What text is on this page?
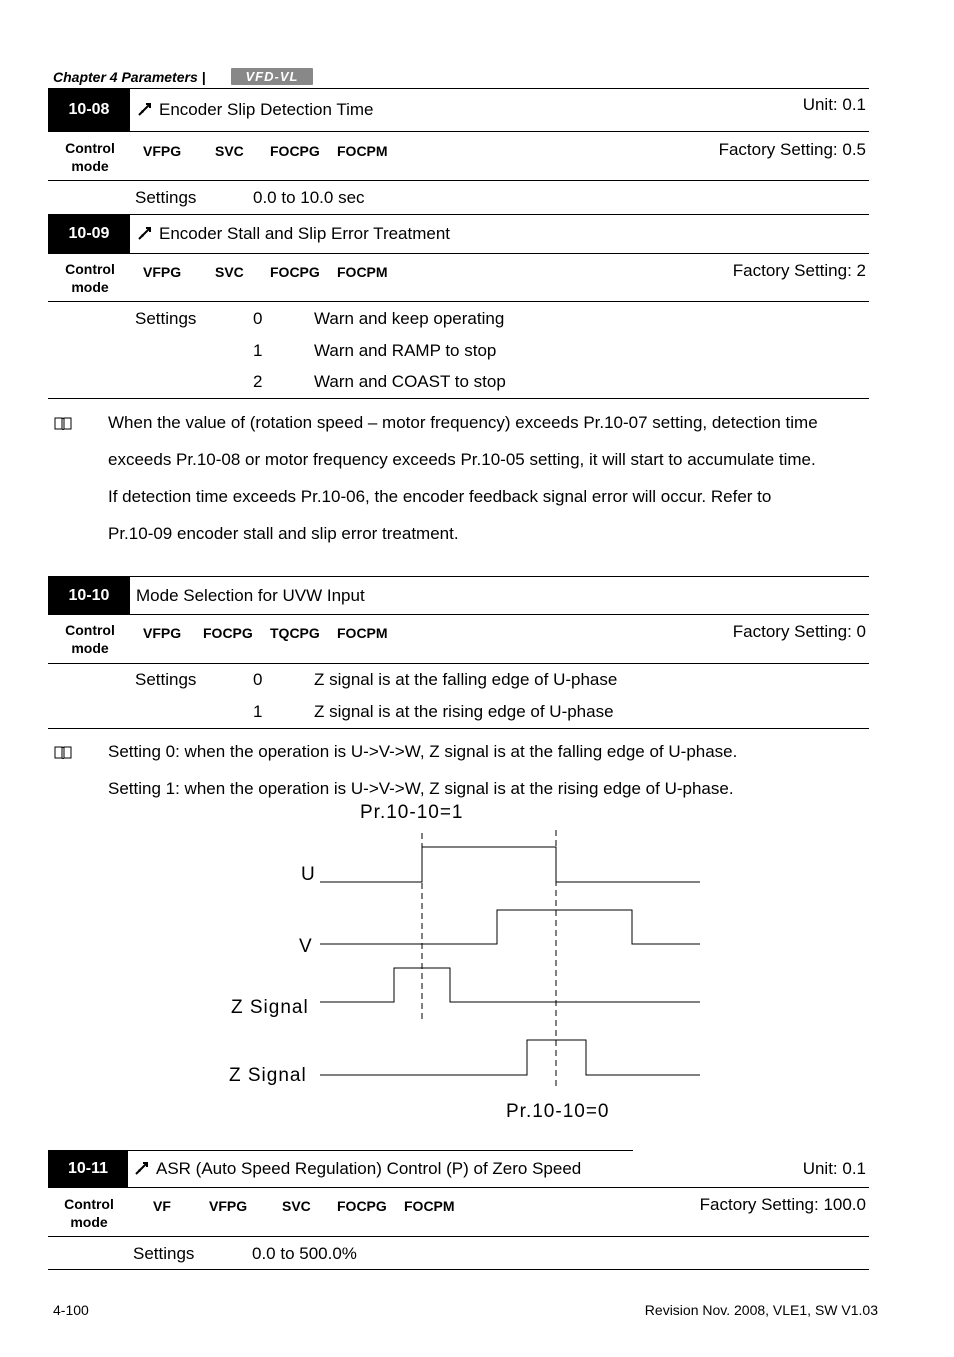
Chapter 4 Parameters |	VFD-VL
10-08	Encoder Slip Detection Time	Unit: 0.1
Control
mode
VFPG SVC FOCPG FOCPM	Factory Setting: 0.5
Settings	0.0 to 10.0 sec
10-09	Encoder Stall and Slip Error Treatment
Control
mode
VFPG SVC FOCPG FOCPM	Factory Setting: 2
Settings	0	Warn and keep operating
1	Warn and RAMP to stop
2	Warn and COAST to stop
When the value of (rotation speed – motor frequency) exceeds Pr.10-07 setting, detection time
exceeds Pr.10-08 or motor frequency exceeds Pr.10-05 setting, it will start to accumulate time.
If detection time exceeds Pr.10-06, the encoder feedback signal error will occur. Refer to
Pr.10-09 encoder stall and slip error treatment.
10-10	Mode Selection for UVW Input
Control
mode
VFPG FOCPG TQCPG FOCPM	Factory Setting: 0
Settings	0	Z signal is at the falling edge of U-phase
1	Z signal is at the rising edge of U-phase
Setting 0: when the operation is U->V->W, Z signal is at the falling edge of U-phase.
Setting 1: when the operation is U->V->W, Z signal is at the rising edge of U-phase.
Pr.10-10=1
Pr.10-10=0
U
V
Z Signal
Z Signal
10-11	ASR (Auto Speed Regulation) Control (P) of Zero Speed	Unit: 0.1
Control
mode
VF	VFPG SVC FOCPG FOCPM	Factory Setting: 100.0
Settings	0.0 to 500.0%
4-100	Revision Nov. 2008, VLE1, SW V1.03
